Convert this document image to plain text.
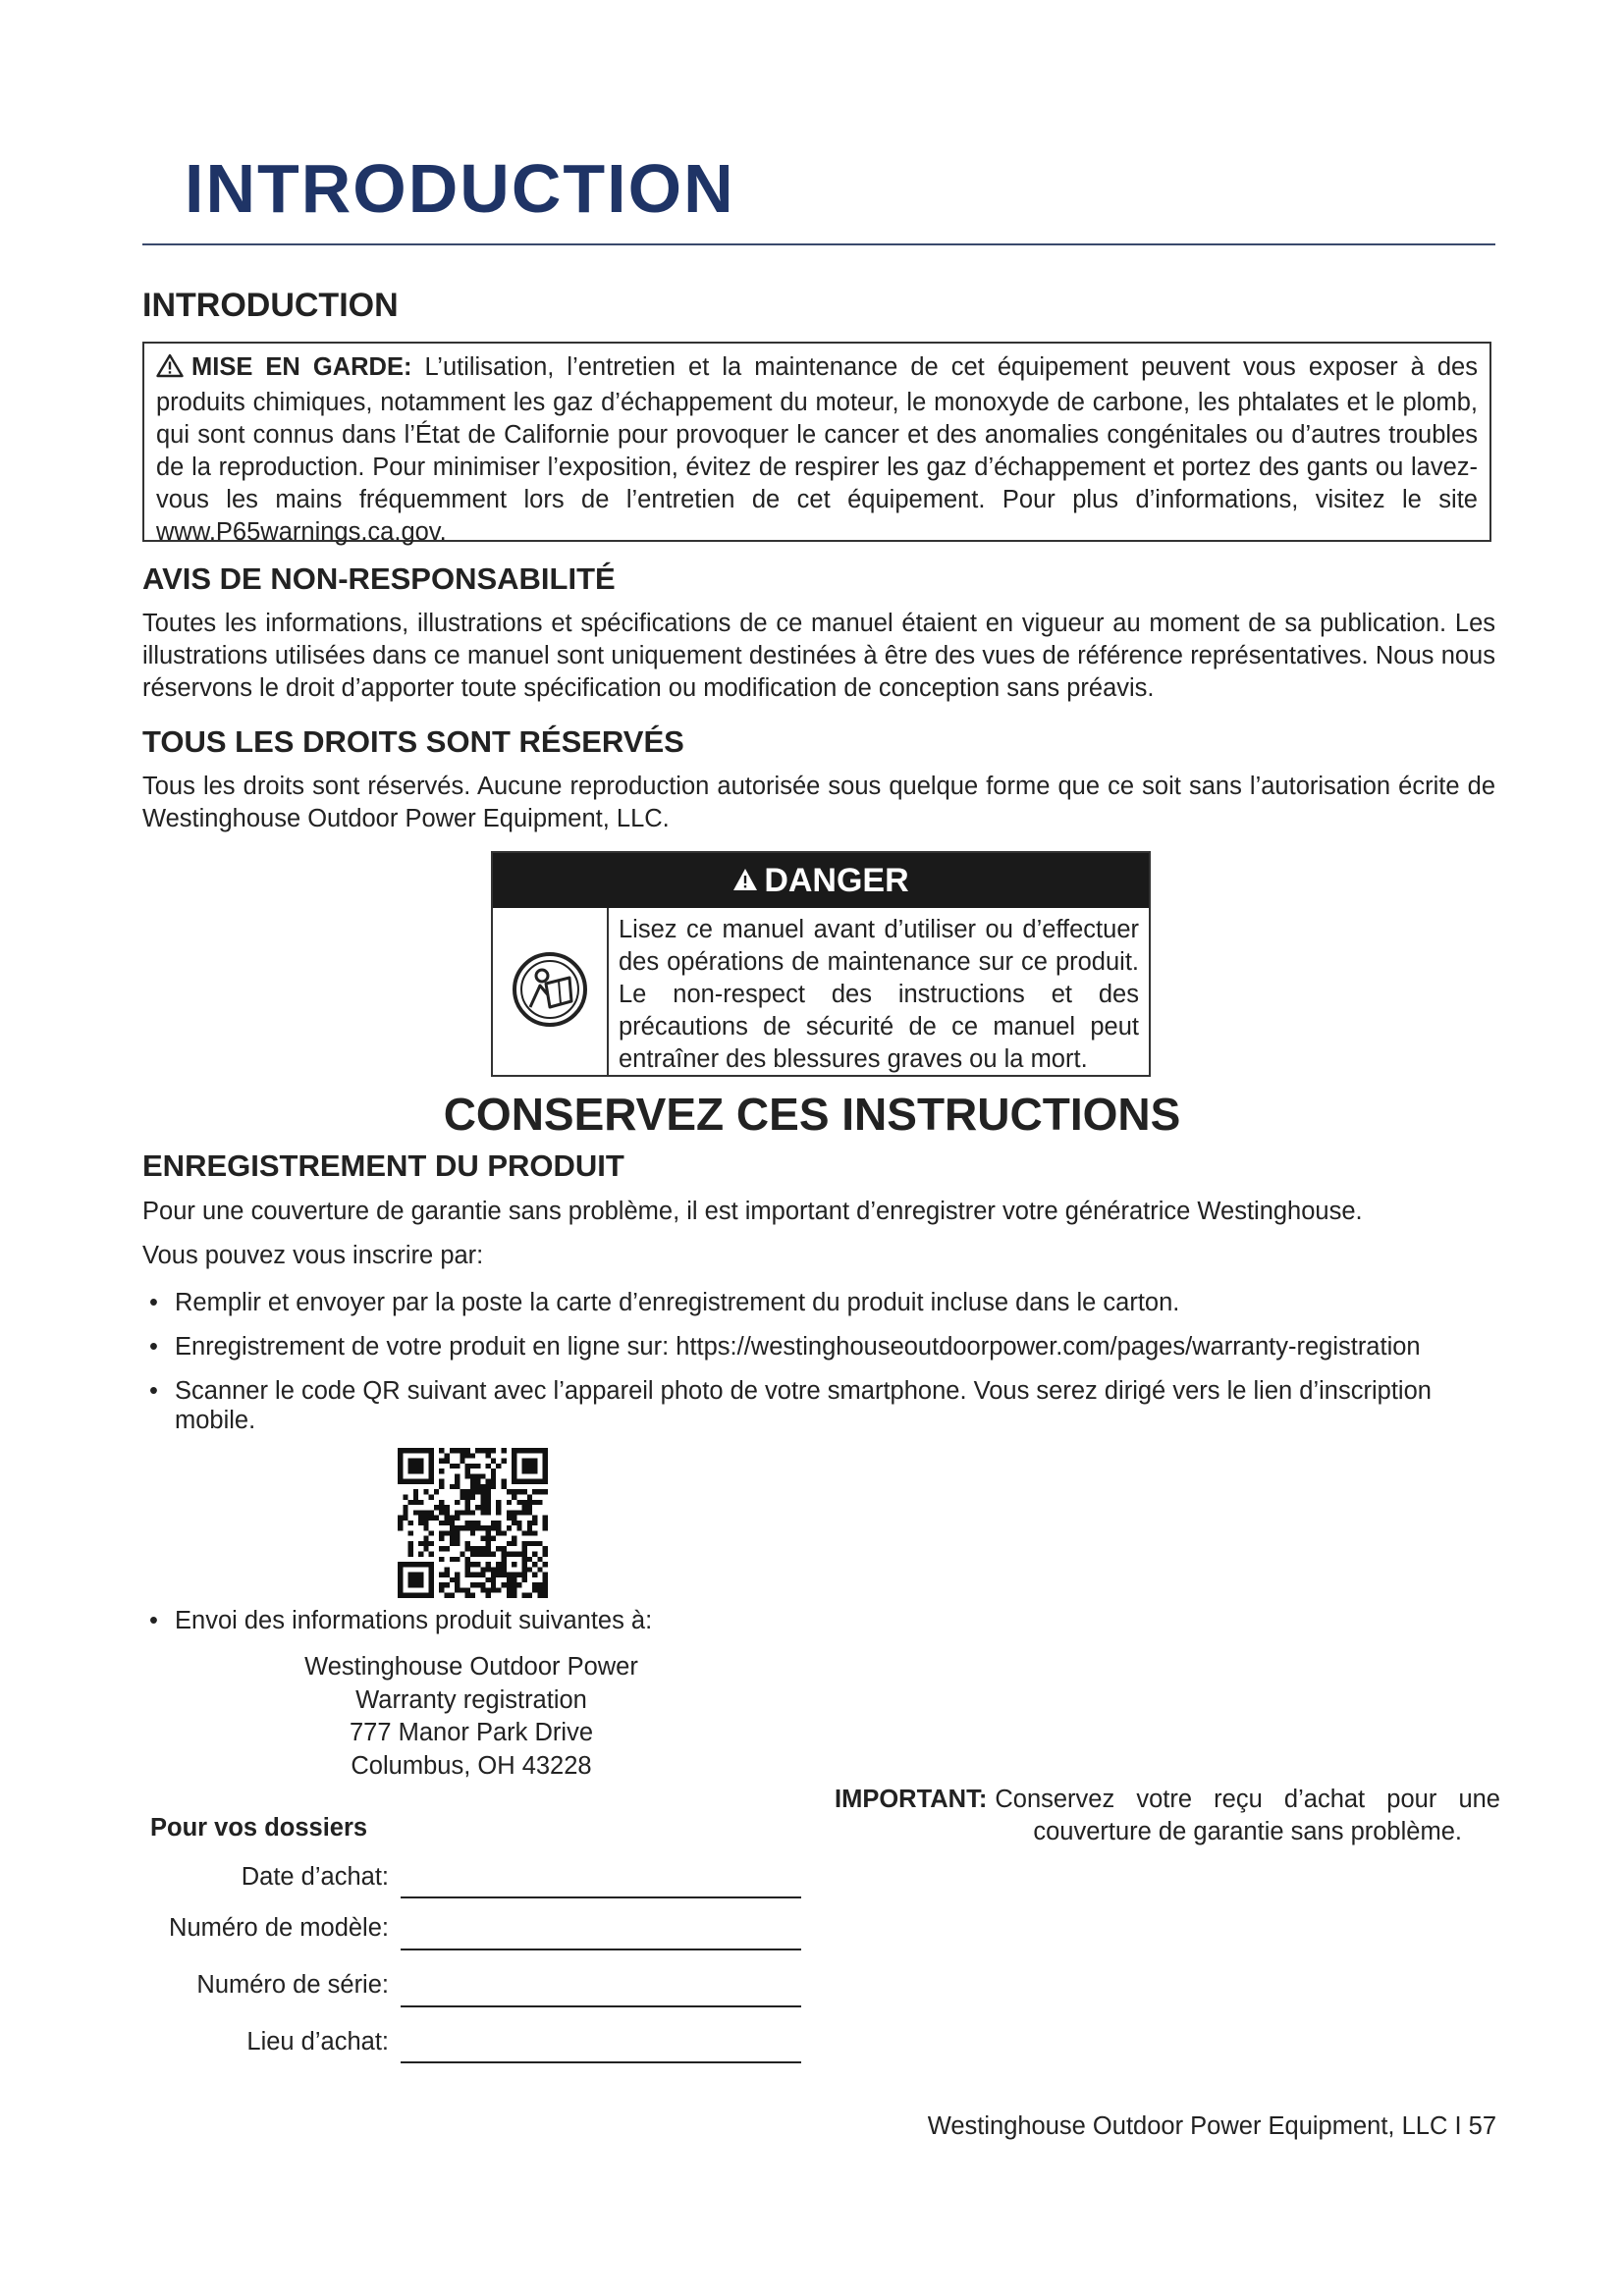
INTRODUCTION
INTRODUCTION

MISE EN GARDE: L’utilisation, l’entretien et la maintenance de cet équipement peuvent vous exposer à des produits chimiques, notamment les gaz d’échappement du moteur, le monoxyde de carbone, les phtalates et le plomb, qui sont connus dans l’État de Californie pour provoquer le cancer et des anomalies congénitales ou d’autres troubles de la reproduction. Pour minimiser l’exposition, évitez de respirer les gaz d’échappement et portez des gants ou lavez-vous les mains fréquemment lors de l’entretien de cet équipement. Pour plus d’informations, visitez le site www.P65warnings.ca.gov.

AVIS DE NON-RESPONSABILITÉ

Toutes les informations, illustrations et spécifications de ce manuel étaient en vigueur au moment de sa publication. Les illustrations utilisées dans ce manuel sont uniquement destinées à être des vues de référence représentatives. Nous nous réservons le droit d’apporter toute spécification ou modification de conception sans préavis.

TOUS LES DROITS SONT RÉSERVÉS

Tous les droits sont réservés. Aucune reproduction autorisée sous quelque forme que ce soit sans l’autorisation écrite de Westinghouse Outdoor Power Equipment, LLC.

DANGER
Lisez ce manuel avant d’utiliser ou d’effectuer des opérations de maintenance sur ce produit. Le non-respect des instructions et des précautions de sécurité de ce manuel peut entraîner des blessures graves ou la mort.
CONSERVEZ CES INSTRUCTIONS
ENREGISTREMENT DU PRODUIT

Pour une couverture de garantie sans problème, il est important d’enregistrer votre génératrice Westinghouse.

Vous pouvez vous inscrire par:

• Remplir et envoyer par la poste la carte d’enregistrement du produit incluse dans le carton.
• Enregistrement de votre produit en ligne sur: https://westinghouseoutdoorpower.com/pages/warranty-registration
• Scanner le code QR suivant avec l’appareil photo de votre smartphone. Vous serez dirigé vers le lien d’inscription mobile.
• Envoi des informations produit suivantes à:
Westinghouse Outdoor Power
Warranty registration
777 Manor Park Drive
Columbus, OH 43228
IMPORTANT: Conservez votre reçu d’achat pour une couverture de garantie sans problème.
Pour vos dossiers
Date d’achat:
Numéro de modèle:
Numéro de série:
Lieu d’achat:
Westinghouse Outdoor Power Equipment, LLC I 57
